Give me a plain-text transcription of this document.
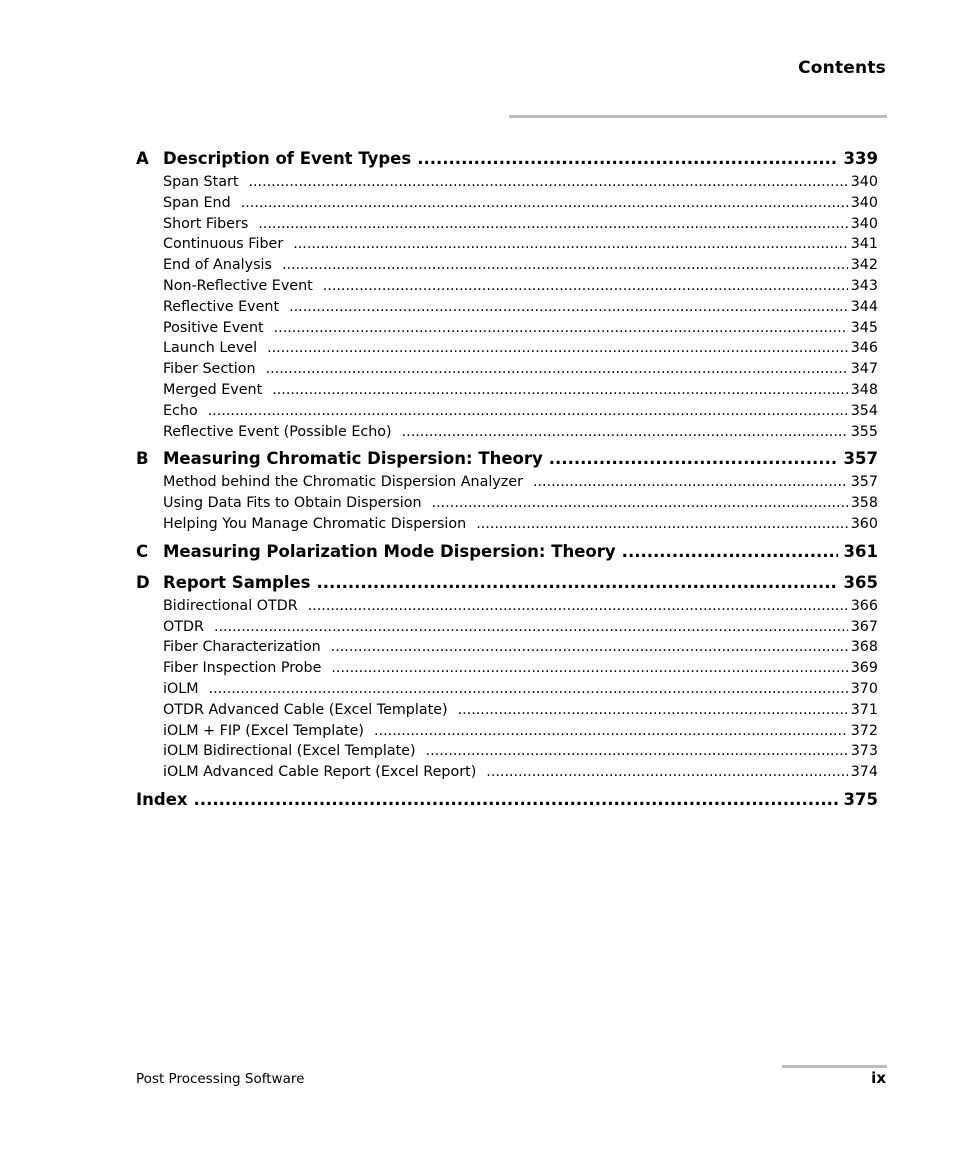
Contents
A Description of Event Types .....	339
Span Start .....	340
Span End .....	340
Short Fibers .....	340
Continuous Fiber .....	341
End of Analysis .....	342
Non-Reflective Event .....	343
Reflective Event .....	344
Positive Event .....	345
Launch Level .....	346
Fiber Section .....	347
Merged Event .....	348
Echo .....	354
Reflective Event (Possible Echo) .....	355
B Measuring Chromatic Dispersion: Theory .....	357
Method behind the Chromatic Dispersion Analyzer .....	357
Using Data Fits to Obtain Dispersion .....	358
Helping You Manage Chromatic Dispersion .....	360
C Measuring Polarization Mode Dispersion: Theory .....	361
D Report Samples .....	365
Bidirectional OTDR .....	366
OTDR .....	367
Fiber Characterization .....	368
Fiber Inspection Probe .....	369
iOLM .....	370
OTDR Advanced Cable (Excel Template) .....	371
iOLM + FIP (Excel Template) .....	372
iOLM Bidirectional (Excel Template) .....	373
iOLM Advanced Cable Report (Excel Report) .....	374
Index .....	375
Post Processing Software	ix
